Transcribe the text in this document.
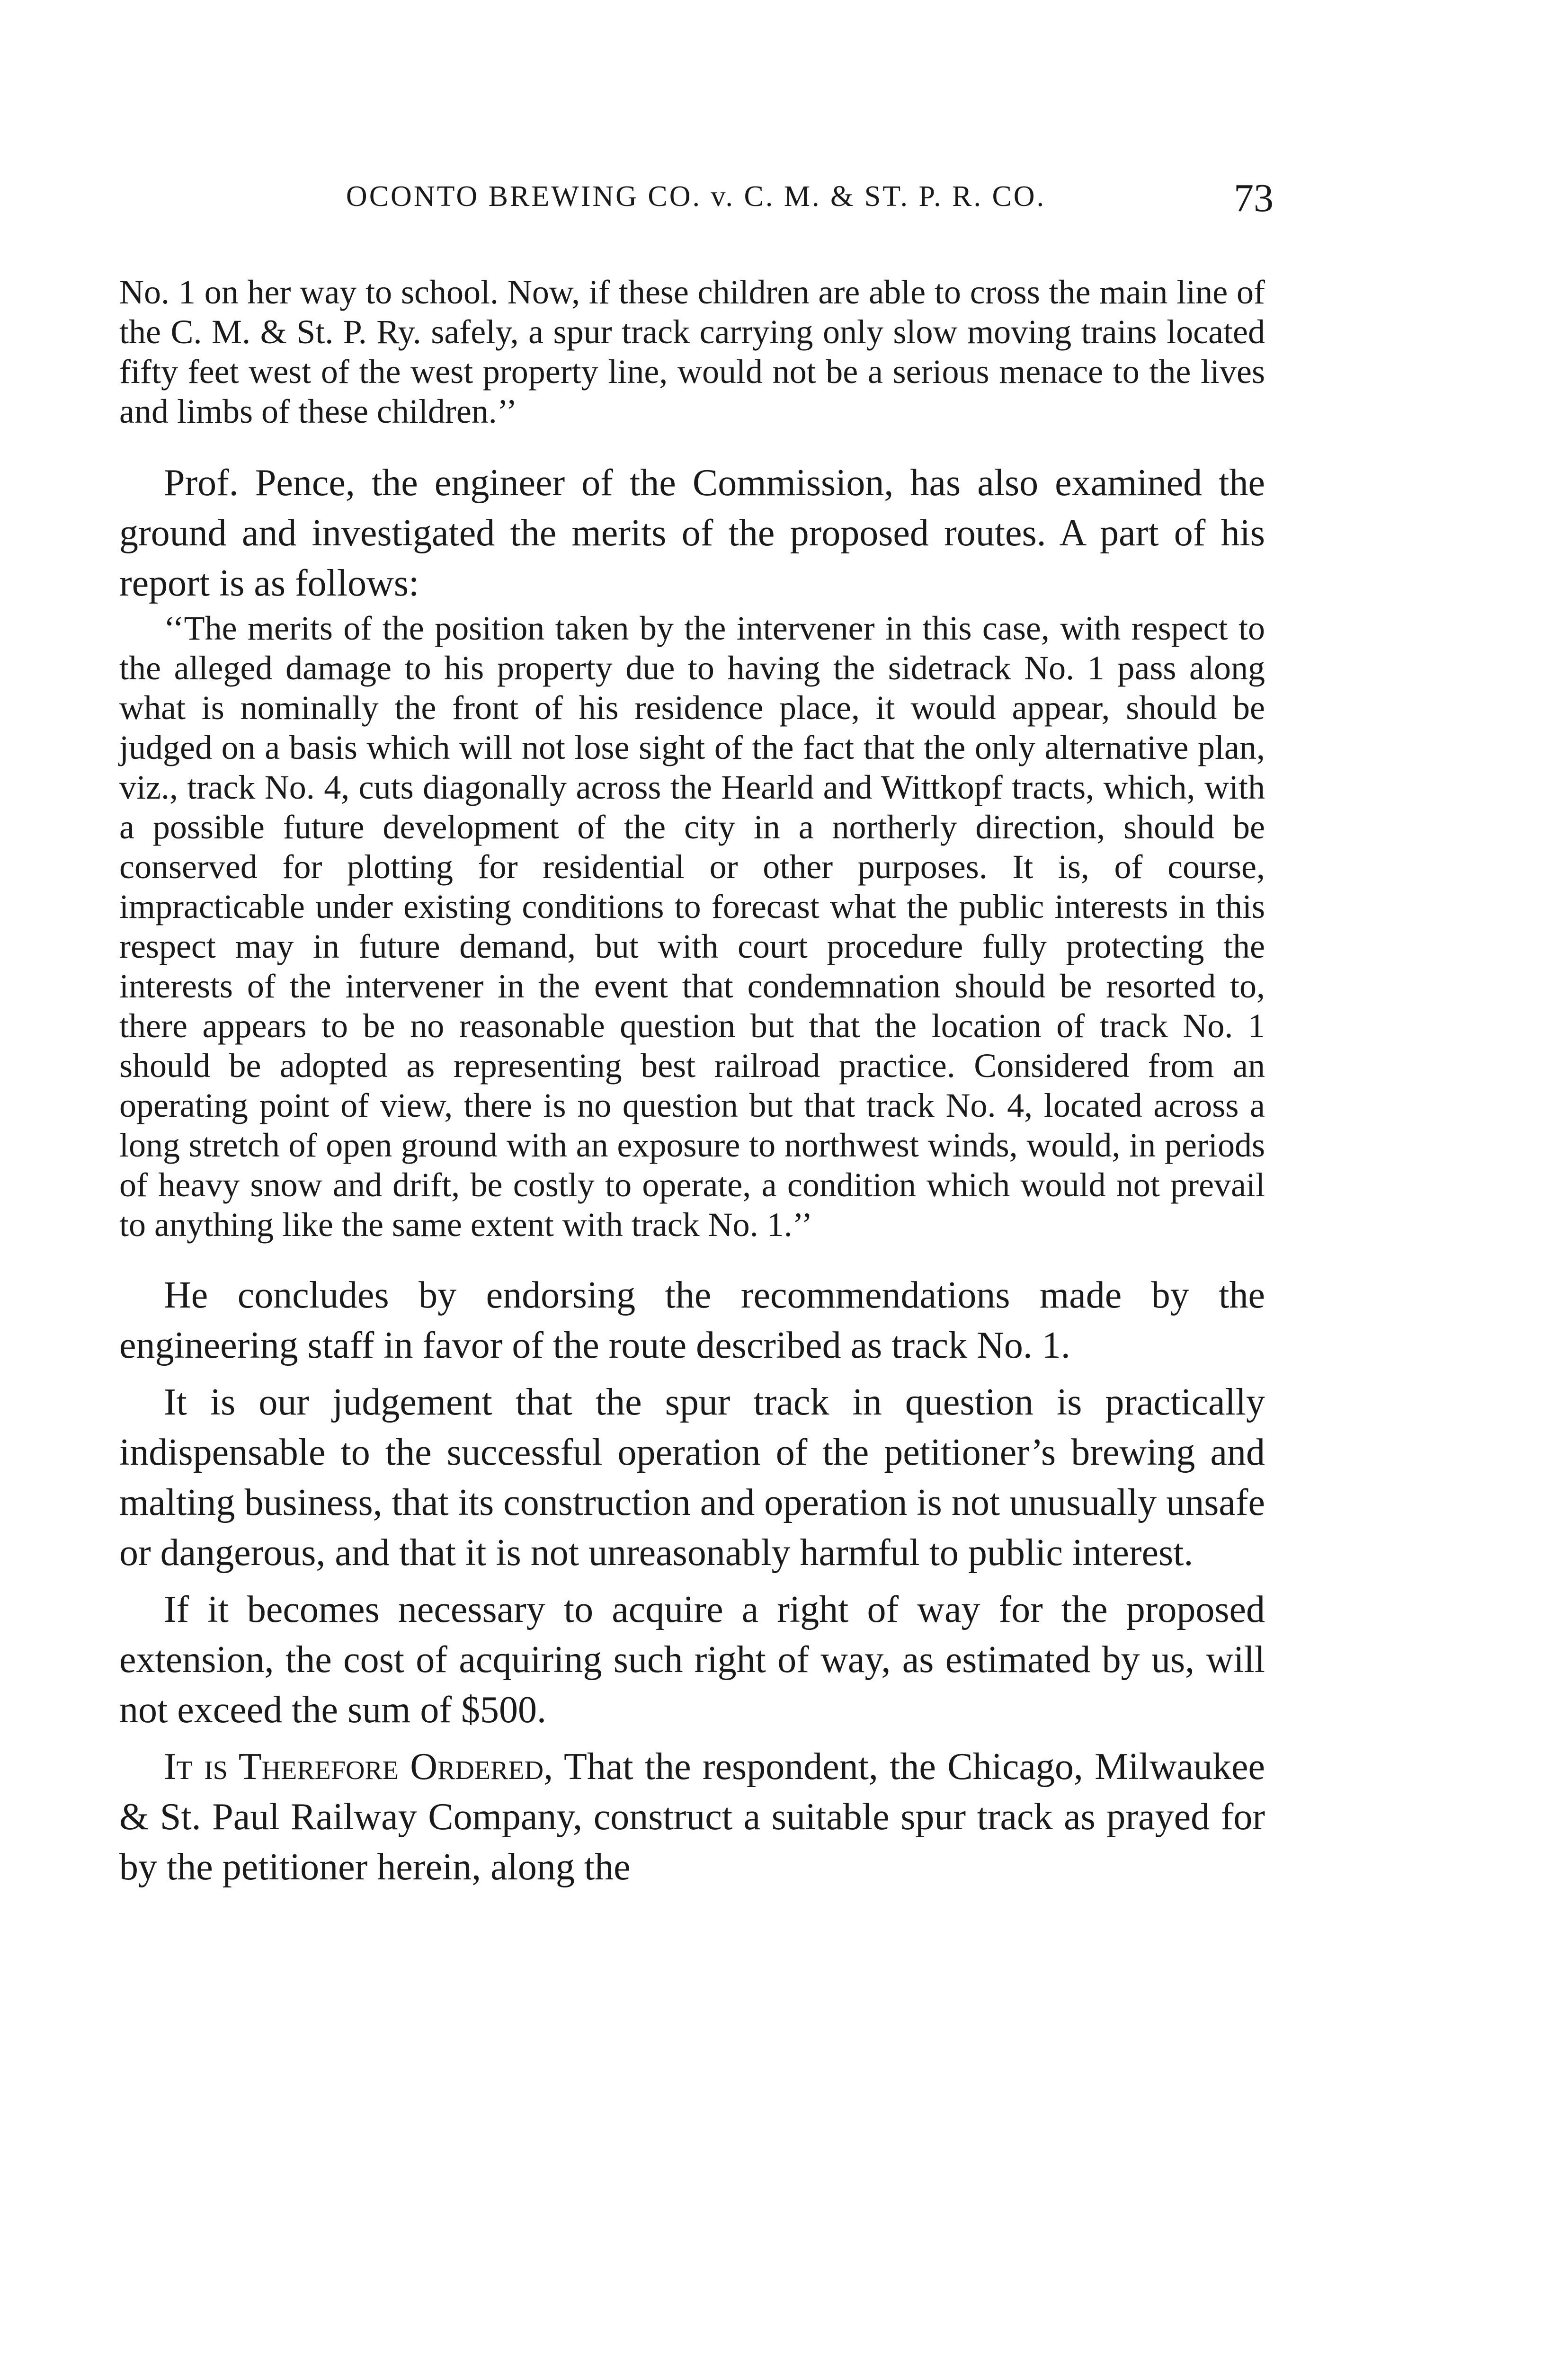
OCONTO BREWING CO. v. C. M. & ST. P. R. CO.	73

No. 1 on her way to school. Now, if these children are able to cross the main line of the C. M. & St. P. Ry. safely, a spur track carrying only slow moving trains located fifty feet west of the west property line, would not be a serious menace to the lives and limbs of these children.’’

Prof. Pence, the engineer of the Commission, has also examined the ground and investigated the merits of the proposed routes. A part of his report is as follows:

‘‘The merits of the position taken by the intervener in this case, with respect to the alleged damage to his property due to having the sidetrack No. 1 pass along what is nominally the front of his residence place, it would appear, should be judged on a basis which will not lose sight of the fact that the only alternative plan, viz., track No. 4, cuts diagonally across the Hearld and Wittkopf tracts, which, with a possible future development of the city in a northerly direction, should be conserved for plotting for residential or other purposes. It is, of course, impracticable under existing conditions to forecast what the public interests in this respect may in future demand, but with court procedure fully protecting the interests of the intervener in the event that condemnation should be resorted to, there appears to be no reasonable question but that the location of track No. 1 should be adopted as representing best railroad practice. Considered from an operating point of view, there is no question but that track No. 4, located across a long stretch of open ground with an exposure to northwest winds, would, in periods of heavy snow and drift, be costly to operate, a condition which would not prevail to anything like the same extent with track No. 1.’’

He concludes by endorsing the recommendations made by the engineering staff in favor of the route described as track No. 1.

It is our judgement that the spur track in question is practically indispensable to the successful operation of the petitioner’s brewing and malting business, that its construction and operation is not unusually unsafe or dangerous, and that it is not unreasonably harmful to public interest.

If it becomes necessary to acquire a right of way for the proposed extension, the cost of acquiring such right of way, as estimated by us, will not exceed the sum of $500.

It is Therefore Ordered, That the respondent, the Chicago, Milwaukee & St. Paul Railway Company, construct a suitable spur track as prayed for by the petitioner herein, along the
